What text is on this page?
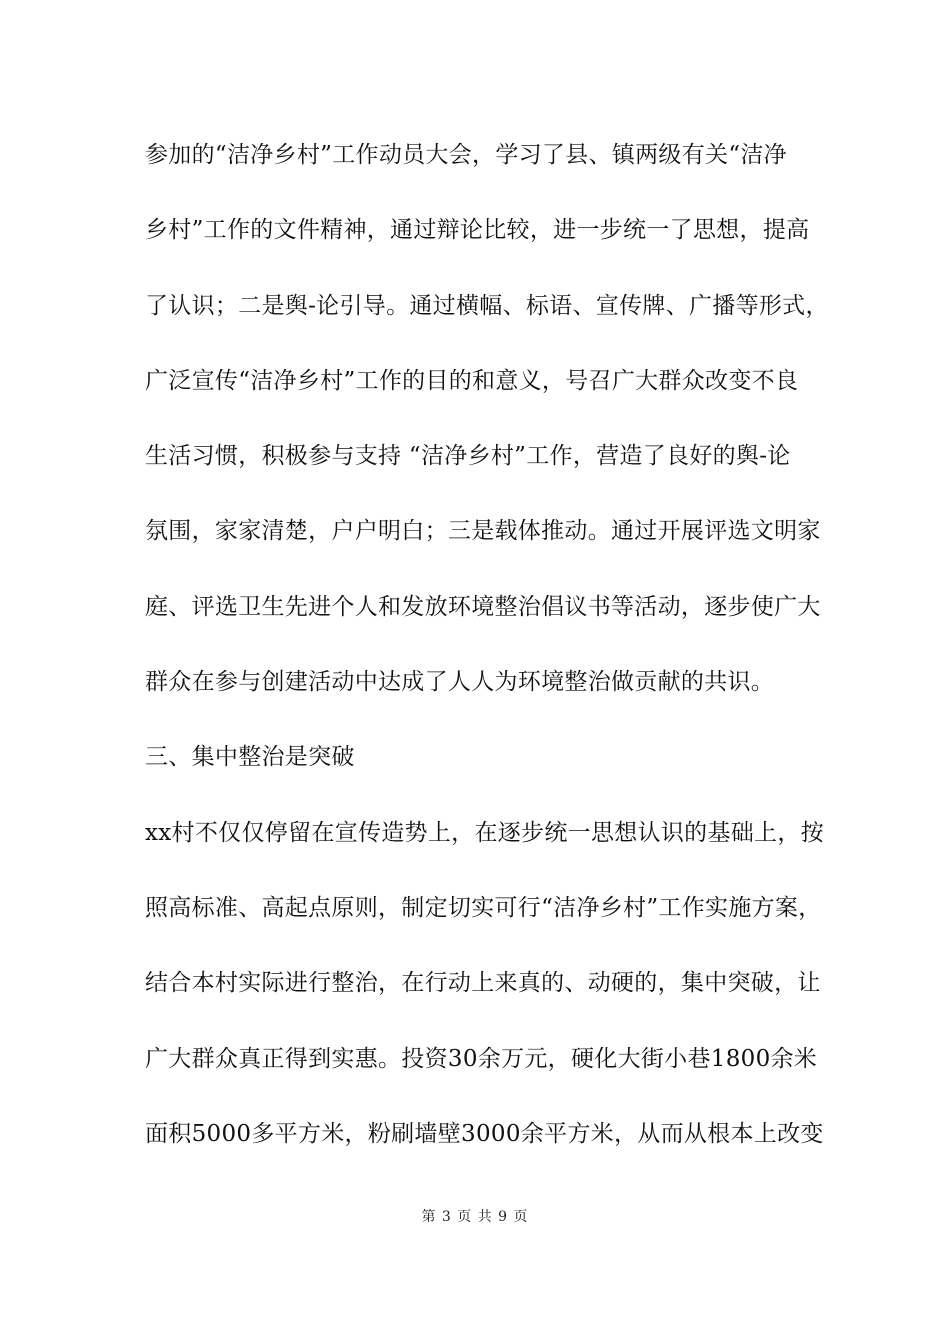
参加的“洁净乡村”工作动员大会，学习了县、镇两级有关“洁净
乡村”工作的文件精神，通过辩论比较，进一步统一了思想，提高
了认识；二是舆-论引导。通过横幅、标语、宣传牌、广播等形式，
广泛宣传“洁净乡村”工作的目的和意义，号召广大群众改变不良
生活习惯，积极参与支持 “洁净乡村”工作，营造了良好的舆-论
氛围，家家清楚，户户明白；三是载体推动。通过开展评选文明家
庭、评选卫生先进个人和发放环境整治倡议书等活动，逐步使广大
群众在参与创建活动中达成了人人为环境整治做贡献的共识。
三、集中整治是突破
xx村不仅仅停留在宣传造势上，在逐步统一思想认识的基础上，按
照高标准、高起点原则，制定切实可行“洁净乡村”工作实施方案，
结合本村实际进行整治，在行动上来真的、动硬的，集中突破，让
广大群众真正得到实惠。投资30余万元，硬化大街小巷1800余米
面积5000多平方米，粉刷墙壁3000余平方米，从而从根本上改变
第 3 页 共 9 页
